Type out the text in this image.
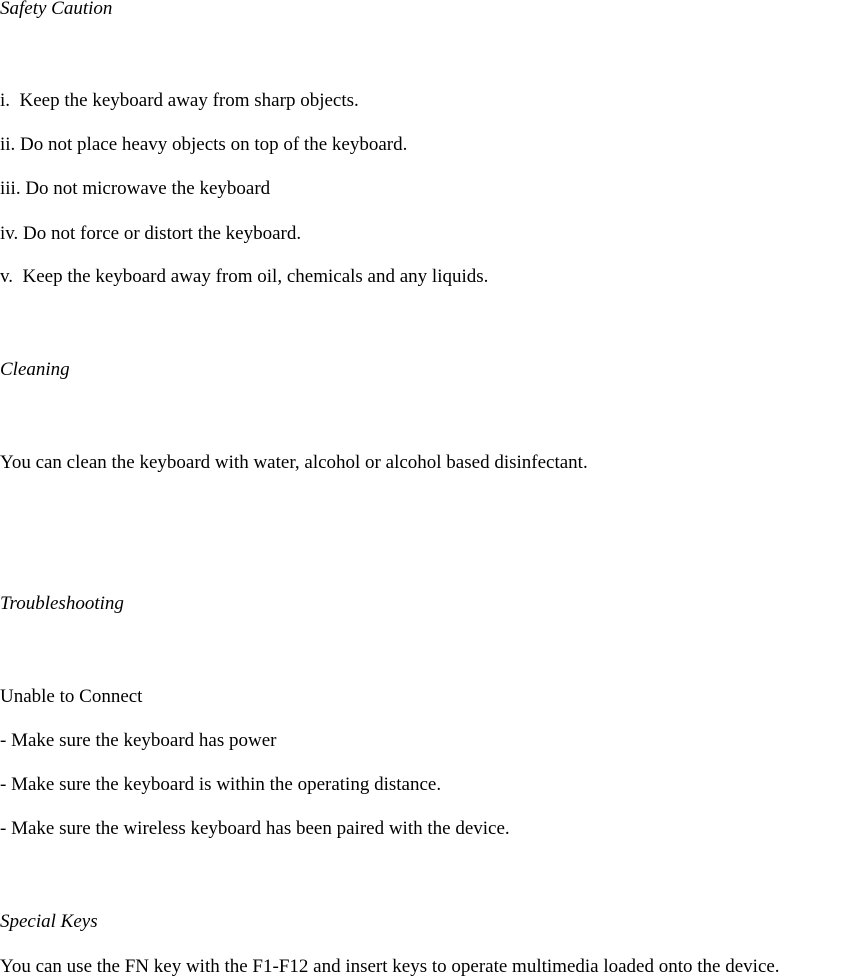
Safety Caution
i.  Keep the keyboard away from sharp objects.
ii. Do not place heavy objects on top of the keyboard.
iii. Do not microwave the keyboard
iv. Do not force or distort the keyboard.
v.  Keep the keyboard away from oil, chemicals and any liquids.
Cleaning
You can clean the keyboard with water, alcohol or alcohol based disinfectant.
Troubleshooting
Unable to Connect
- Make sure the keyboard has power
- Make sure the keyboard is within the operating distance.
- Make sure the wireless keyboard has been paired with the device.
Special Keys
You can use the FN key with the F1-F12 and insert keys to operate multimedia loaded onto the device.
